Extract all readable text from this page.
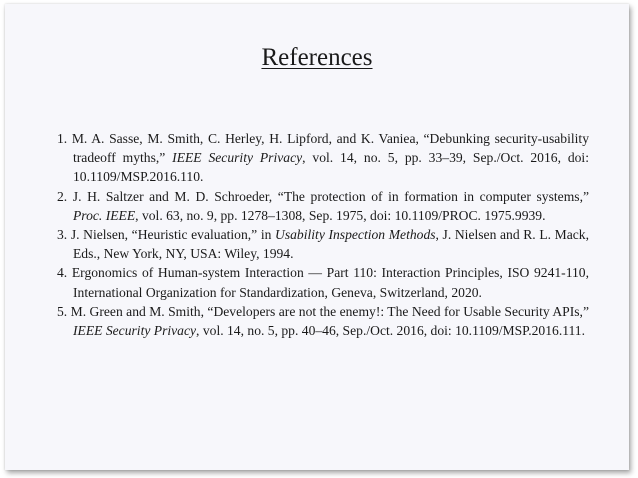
References
1. M. A. Sasse, M. Smith, C. Herley, H. Lipford, and K. Vaniea, “Debunking security-usability tradeoff myths,” IEEE Security Privacy, vol. 14, no. 5, pp. 33–39, Sep./Oct. 2016, doi: 10.1109/MSP.2016.110.
2. J. H. Saltzer and M. D. Schroeder, “The protection of in formation in computer systems,” Proc. IEEE, vol. 63, no. 9, pp. 1278–1308, Sep. 1975, doi: 10.1109/PROC. 1975.9939.
3. J. Nielsen, “Heuristic evaluation,” in Usability Inspection Methods, J. Nielsen and R. L. Mack, Eds., New York, NY, USA: Wiley, 1994.
4. Ergonomics of Human-system Interaction — Part 110: Interaction Principles, ISO 9241-110, International Organization for Standardization, Geneva, Switzerland, 2020.
5. M. Green and M. Smith, “Developers are not the enemy!: The Need for Usable Security APIs,” IEEE Security Privacy, vol. 14, no. 5, pp. 40–46, Sep./Oct. 2016, doi: 10.1109/MSP.2016.111.
